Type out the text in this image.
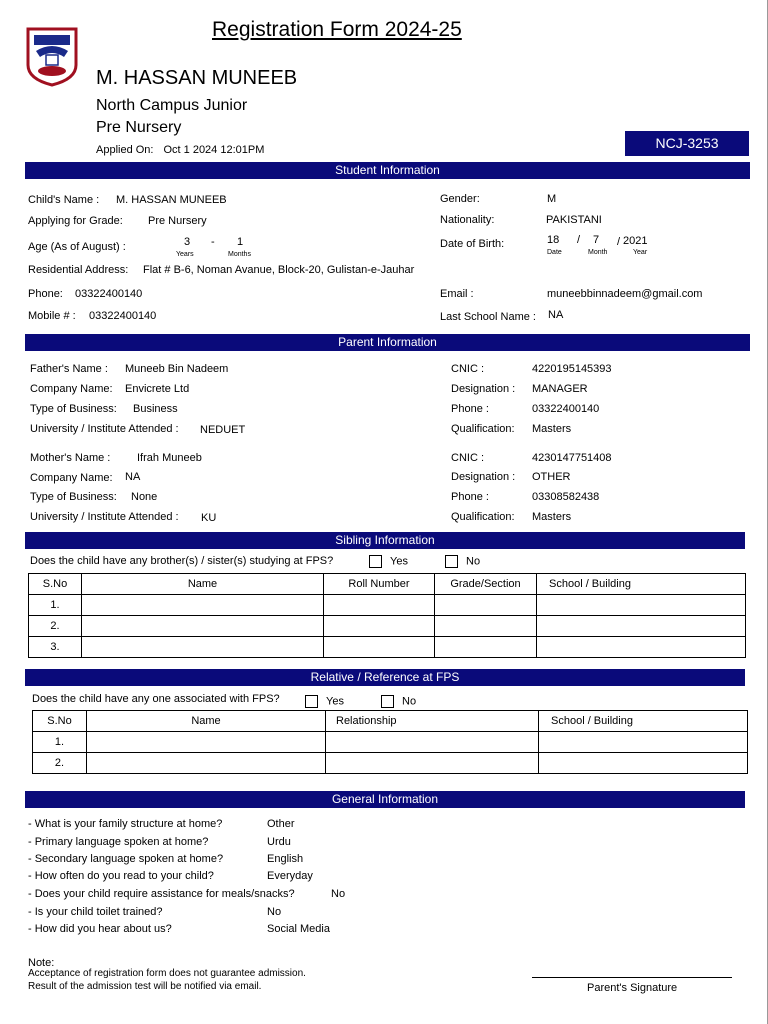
Registration Form 2024-25
M. HASSAN MUNEEB
North Campus Junior
Pre Nursery
Applied On: Oct 1 2024 12:01PM	NCJ-3253
Student Information
Child's Name : M. HASSAN MUNEEB
Applying for Grade: Pre Nursery
Age (As of August) :	3 - 1
Years	Months
Residential Address: Flat # B-6, Noman Avanue, Block-20, Gulistan-e-Jauhar
Phone: 03322400140
Mobile # : 03322400140
Gender:	M
Nationality:	PAKISTANI
Date of Birth:	18 / 7 / 2021
Date	Month	Year
Email :	muneebbinnadeem@gmail.com
Last School Name : NA
Parent Information
Father's Name : Muneeb Bin Nadeem
Company Name: Envicrete Ltd
Type of Business: Business
University / Institute Attended : NEDUET
CNIC :	4220195145393
Designation : MANAGER
Phone :	03322400140
Qualification: Masters
Mother's Name : Ifrah Muneeb
Company Name: NA
Type of Business: None
University / Institute Attended : KU
CNIC :	4230147751408
Designation : OTHER
Phone :	03308582438
Qualification: Masters
Sibling Information
Does the child have any brother(s) / sister(s) studying at FPS?	Yes	No
S.No	Name	Roll Number	Grade/Section	School / Building
1.				
2.				
3.				
Relative / Reference at FPS
Does the child have any one associated with FPS?	Yes	No
S.No	Name	Relationship	School / Building
1.			
2.			
General Information
- What is your family structure at home?	Other
- Primary language spoken at home?	Urdu
- Secondary language spoken at home?	English
- How often do you read to your child?	Everyday
- Does your child require assistance for meals/snacks?	No
- Is your child toilet trained?	No
- How did you hear about us?	Social Media
Note:
Acceptance of registration form does not guarantee admission.
Result of the admission test will be notified via email.	Parent's Signature
